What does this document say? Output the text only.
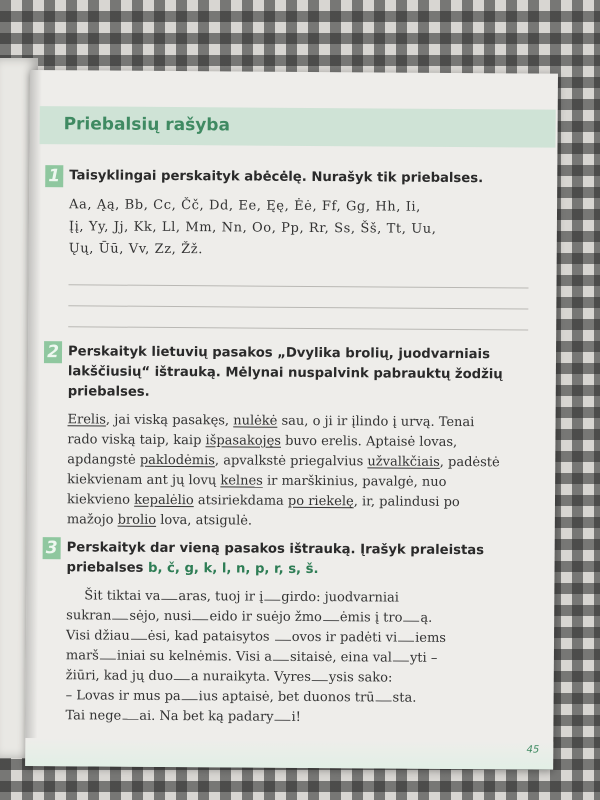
Priebalsių rašyba
1 Taisyklingai perskaityk abėcėlę. Nurašyk tik priebalses.
Aa, Ąą, Bb, Cc, Čč, Dd, Ee, Ęę, Ėė, Ff, Gg, Hh, Ii,
Įį, Yy, Jj, Kk, Ll, Mm, Nn, Oo, Pp, Rr, Ss, Šš, Tt, Uu,
Ųų, Ūū, Vv, Zz, Žž.
2 Perskaityk lietuvių pasakos „Dvylika brolių, juodvarniais lakščiusių“ ištrauką. Mėlynai nuspalvink pabrauktų žodžių priebalses.
Erelis, jai viską pasakęs, nulėkė sau, o ji ir įlindo į urvą. Tenai rado viską taip, kaip išpasakojęs buvo erelis. Aptaisė lovas, apdangstė paklodėmis, apvalkstė priegalvius užvalkčiais, padėstė kiekvienam ant jų lovų kelnes ir marškinius, pavalgė, nuo kiekvieno kepalėlio atsiriekdama po riekelę, ir, palindusi po mažojo brolio lova, atsigulė.
3 Perskaityk dar vieną pasakos ištrauką. Įrašyk praleistas priebalses b, č, g, k, l, n, p, r, s, š.
Šit tiktai va aras, tuoj ir į girdo: juodvarniai
sukran sėjo, nusi eido ir suėjo žmo ėmis į tro ą.
Visi džiau ėsi, kad pataisytos ovos ir padėti vi iems
marš iniai su kelnėmis. Visi a sitaisė, eina val yti –
žiūri, kad jų duo a nuraikyta. Vyres ysis sako:
– Lovas ir mus pa ius aptaisė, bet duonos trū sta.
Tai nege ai. Na bet ką padary i!
45
